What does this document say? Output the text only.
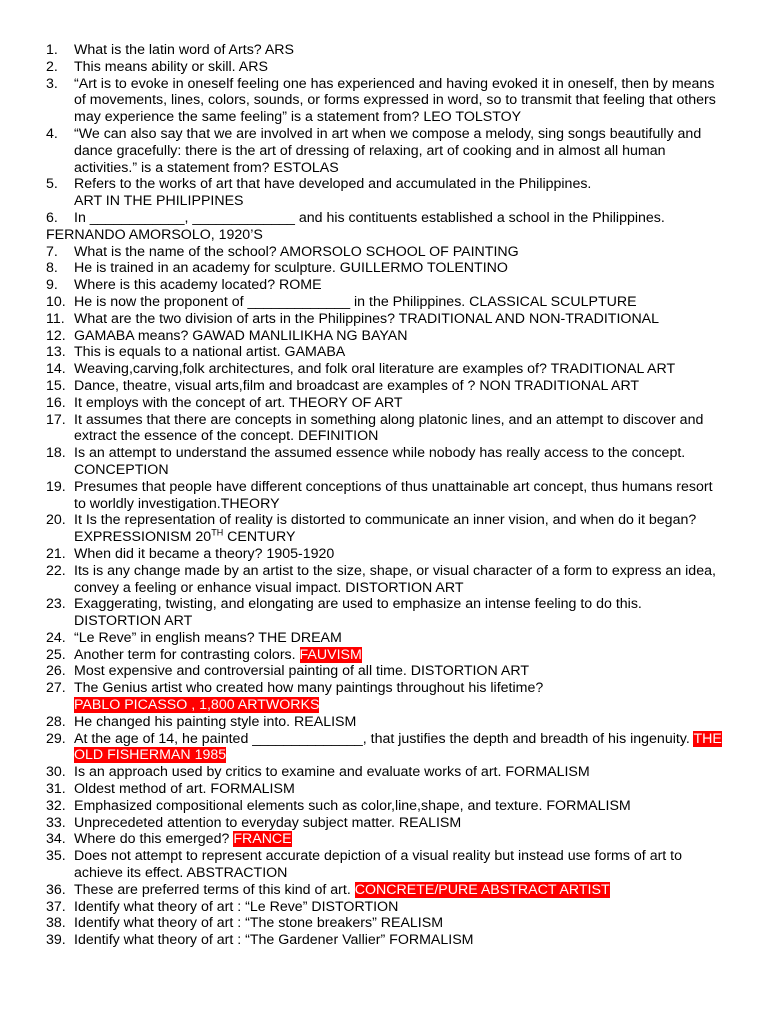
1. What is the latin word of Arts? ARS
2. This means ability or skill. ARS
3. “Art is to evoke in oneself feeling one has experienced and having evoked it in oneself, then by means of movements, lines, colors, sounds, or forms expressed in word, so to transmit that feeling that others may experience the same feeling” is a statement from? LEO TOLSTOY
4. “We can also say that we are involved in art when we compose a melody, sing songs beautifully and dance gracefully: there is the art of dressing of relaxing, art of cooking and in almost all human activities.” is a statement from? ESTOLAS
5. Refers to the works of art that have developed and accumulated in the Philippines.
ART IN THE PHILIPPINES
6. In ____________, _____________ and his contituents established a school in the Philippines.
FERNANDO AMORSOLO, 1920’S
7. What is the name of the school? AMORSOLO SCHOOL OF PAINTING
8. He is trained in an academy for sculpture. GUILLERMO TOLENTINO
9. Where is this academy located? ROME
10. He is now the proponent of _____________ in the Philippines. CLASSICAL SCULPTURE
11. What are the two division of arts in the Philippines? TRADITIONAL AND NON-TRADITIONAL
12. GAMABA means? GAWAD MANLILIKHA NG BAYAN
13. This is equals to a national artist. GAMABA
14. Weaving,carving,folk architectures, and folk oral literature are examples of? TRADITIONAL ART
15. Dance, theatre, visual arts,film and broadcast are examples of ? NON TRADITIONAL ART
16. It employs with the concept of art. THEORY OF ART
17. It assumes that there are concepts in something along platonic lines, and an attempt to discover and extract the essence of the concept. DEFINITION
18. Is an attempt to understand the assumed essence while nobody has really access to the concept. CONCEPTION
19. Presumes that people have different conceptions of thus unattainable art concept, thus humans resort to worldly investigation.THEORY
20. It Is the representation of reality is distorted to communicate an inner vision, and when do it began? EXPRESSIONISM 20TH CENTURY
21. When did it became a theory? 1905-1920
22. Its is any change made by an artist to the size, shape, or visual character of a form to express an idea, convey a feeling or enhance visual impact. DISTORTION ART
23. Exaggerating, twisting, and elongating are used to emphasize an intense feeling to do this. DISTORTION ART
24. “Le Reve” in english means? THE DREAM
25. Another term for contrasting colors. FAUVISM
26. Most expensive and controversial painting of all time. DISTORTION ART
27. The Genius artist who created how many paintings throughout his lifetime?
PABLO PICASSO , 1,800 ARTWORKS
28. He changed his painting style into. REALISM
29. At the age of 14, he painted ______________, that justifies the depth and breadth of his ingenuity. THE OLD FISHERMAN 1985
30. Is an approach used by critics to examine and evaluate works of art. FORMALISM
31. Oldest method of art. FORMALISM
32. Emphasized compositional elements such as color,line,shape, and texture. FORMALISM
33. Unprecedeted attention to everyday subject matter. REALISM
34. Where do this emerged? FRANCE
35. Does not attempt to represent accurate depiction of a visual reality but instead use forms of art to achieve its effect. ABSTRACTION
36. These are preferred terms of this kind of art. CONCRETE/PURE ABSTRACT ARTIST
37. Identify what theory of art : “Le Reve” DISTORTION
38. Identify what theory of art : “The stone breakers” REALISM
39. Identify what theory of art : “The Gardener Vallier” FORMALISM
